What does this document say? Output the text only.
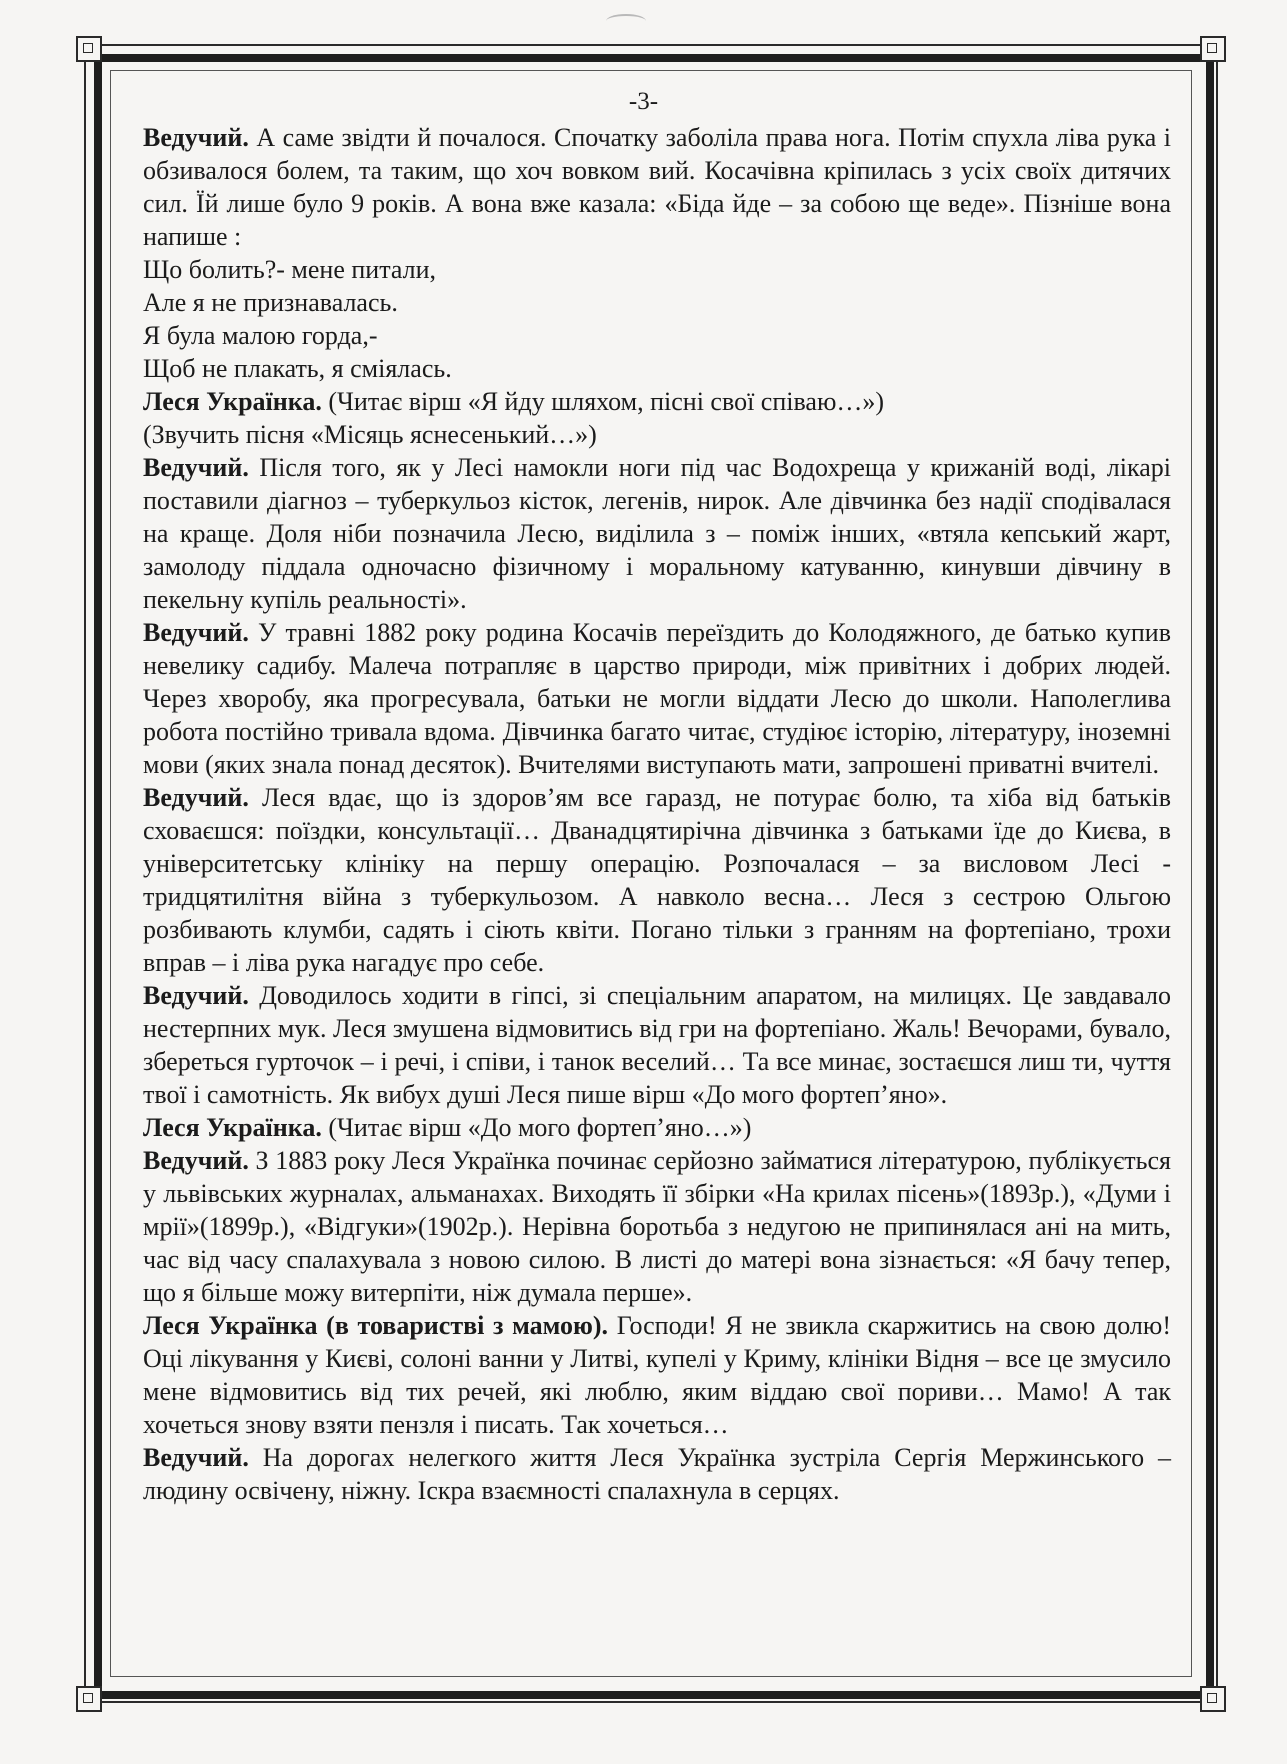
-3-

Ведучий. А саме звідти й почалося. Спочатку заболіла права нога. Потім спухла ліва рука і обзивалося болем, та таким, що хоч вовком вий. Косачівна кріпилась з усіх своїх дитячих сил. Їй лише було 9 років. А вона вже казала: «Біда йде – за собою ще веде». Пізніше вона напише :

Що болить?- мене питали,

Але я не признавалась.

Я була малою горда,-

Щоб не плакать, я сміялась.

Леся Українка. (Читає вірш «Я йду шляхом, пісні свої співаю…»)

(Звучить пісня «Місяць яснесенький…»)

Ведучий. Після того, як у Лесі намокли ноги під час Водохреща у крижаній воді, лікарі поставили діагноз – туберкульоз кісток, легенів, нирок. Але дівчинка без надії сподівалася на краще. Доля ніби позначила Лесю, виділила з – поміж інших, «втяла кепський жарт, замолоду піддала одночасно фізичному і моральному катуванню, кинувши дівчину в пекельну купіль реальності».

Ведучий. У травні 1882 року родина Косачів переїздить до Колодяжного, де батько купив невелику садибу. Малеча потрапляє в царство природи, між привітних і добрих людей. Через хворобу, яка прогресувала, батьки не могли віддати Лесю до школи. Наполеглива робота постійно тривала вдома. Дівчинка багато читає, студіює історію, літературу, іноземні мови (яких знала понад десяток). Вчителями виступають мати, запрошені приватні вчителі.

Ведучий. Леся вдає, що із здоров’ям все гаразд, не потурає болю, та хіба від батьків сховаєшся: поїздки, консультації… Дванадцятирічна дівчинка з батьками їде до Києва, в університетську клініку на першу операцію. Розпочалася – за висловом Лесі - тридцятилітня війна з туберкульозом. А навколо весна… Леся з сестрою Ольгою розбивають клумби, садять і сіють квіти. Погано тільки з гранням на фортепіано, трохи вправ – і ліва рука нагадує про себе.

Ведучий. Доводилось ходити в гіпсі, зі спеціальним апаратом, на милицях. Це завдавало нестерпних мук. Леся змушена відмовитись від гри на фортепіано. Жаль! Вечорами, бувало, збереться гурточок – і речі, і співи, і танок веселий… Та все минає, зостаєшся лиш ти, чуття твої і самотність. Як вибух душі Леся пише вірш «До мого фортеп’яно».

Леся Українка. (Читає вірш «До мого фортеп’яно…»)

Ведучий. З 1883 року Леся Українка починає серйозно займатися літературою, публікується у львівських журналах, альманахах. Виходять її збірки «На крилах пісень»(1893р.), «Думи і мрії»(1899р.), «Відгуки»(1902р.). Нерівна боротьба з недугою не припинялася ані на мить, час від часу спалахувала з новою силою. В листі до матері вона зізнається: «Я бачу тепер, що я більше можу витерпіти, ніж думала перше».

Леся Українка (в товаристві з мамою). Господи! Я не звикла скаржитись на свою долю! Оці лікування у Києві, солоні ванни у Литві, купелі у Криму, клініки Відня – все це змусило мене відмовитись від тих речей, які люблю, яким віддаю свої пориви… Мамо! А так хочеться знову взяти пензля і писать. Так хочеться…

Ведучий. На дорогах нелегкого життя Леся Українка зустріла Сергія Мержинського – людину освічену, ніжну. Іскра взаємності спалахнула в серцях.
